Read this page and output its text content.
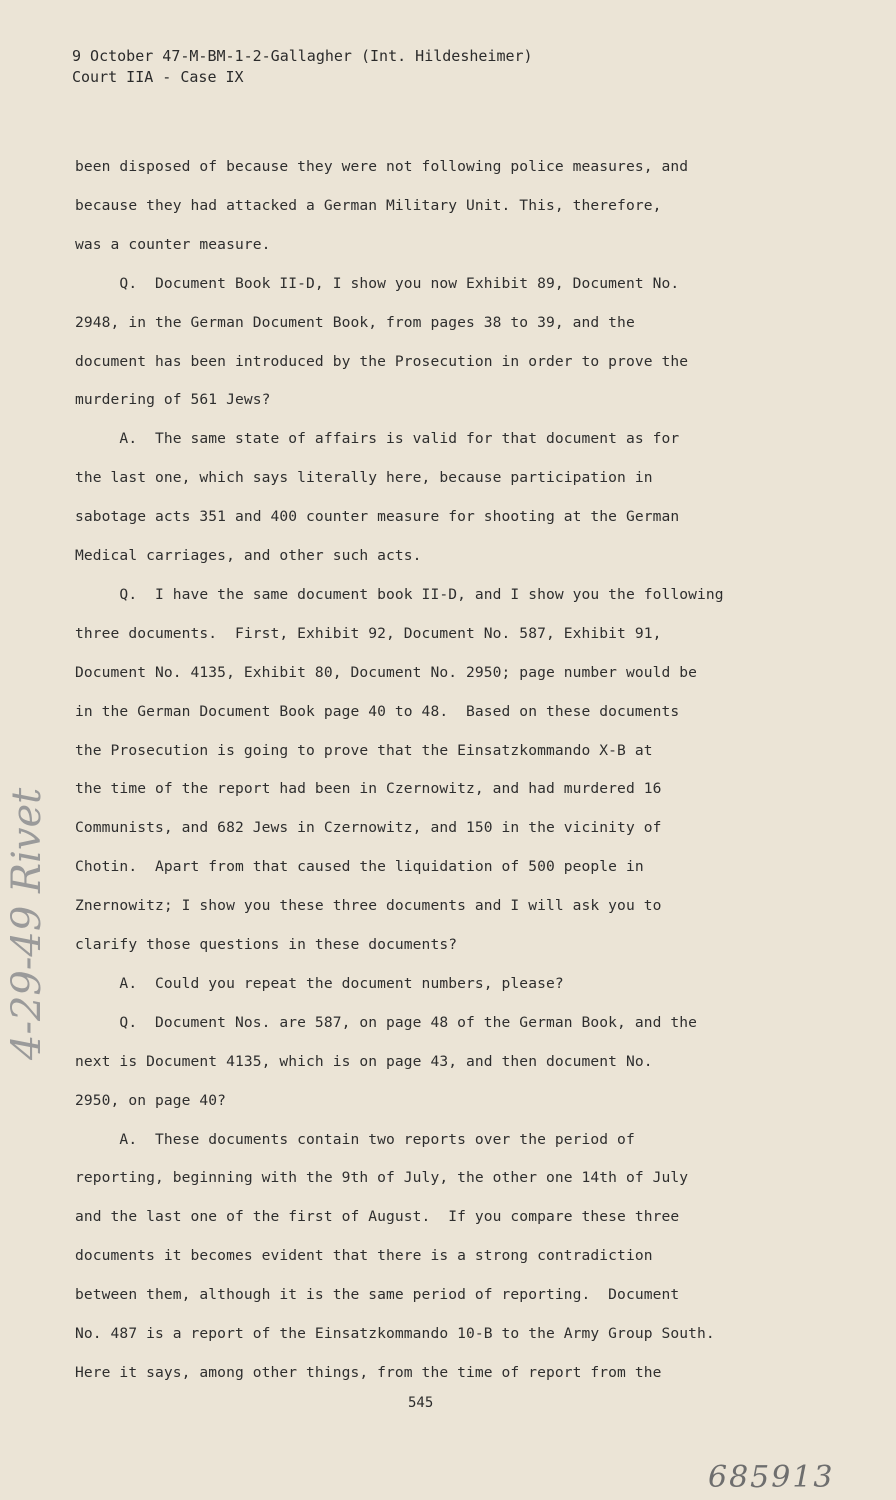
9 October 47-M-BM-1-2-Gallagher (Int. Hildesheimer)
Court IIA - Case IX
been disposed of because they were not following police measures, and
because they had attacked a German Military Unit. This, therefore,
was a counter measure.
Q.  Document Book II-D, I show you now Exhibit 89, Document No.
2948, in the German Document Book, from pages 38 to 39, and the
document has been introduced by the Prosecution in order to prove the
murdering of 561 Jews?
A.  The same state of affairs is valid for that document as for
the last one, which says literally here, because participation in
sabotage acts 351 and 400 counter measure for shooting at the German
Medical carriages, and other such acts.
Q.  I have the same document book II-D, and I show you the following
three documents.  First, Exhibit 92, Document No. 587, Exhibit 91,
Document No. 4135, Exhibit 80, Document No. 2950; page number would be
in the German Document Book page 40 to 48.  Based on these documents
the Prosecution is going to prove that the Einsatzkommando X-B at
the time of the report had been in Czernowitz, and had murdered 16
Communists, and 682 Jews in Czernowitz, and 150 in the vicinity of
Chotin.  Apart from that caused the liquidation of 500 people in
Znernowitz; I show you these three documents and I will ask you to
clarify those questions in these documents?
A.  Could you repeat the document numbers, please?
Q.  Document Nos. are 587, on page 48 of the German Book, and the
next is Document 4135, which is on page 43, and then document No.
2950, on page 40?
A.  These documents contain two reports over the period of
reporting, beginning with the 9th of July, the other one 14th of July
and the last one of the first of August.  If you compare these three
documents it becomes evident that there is a strong contradiction
between them, although it is the same period of reporting.  Document
No. 487 is a report of the Einsatzkommando 10-B to the Army Group South.
Here it says, among other things, from the time of report from the
545
685913
4-29-49 Rivet
